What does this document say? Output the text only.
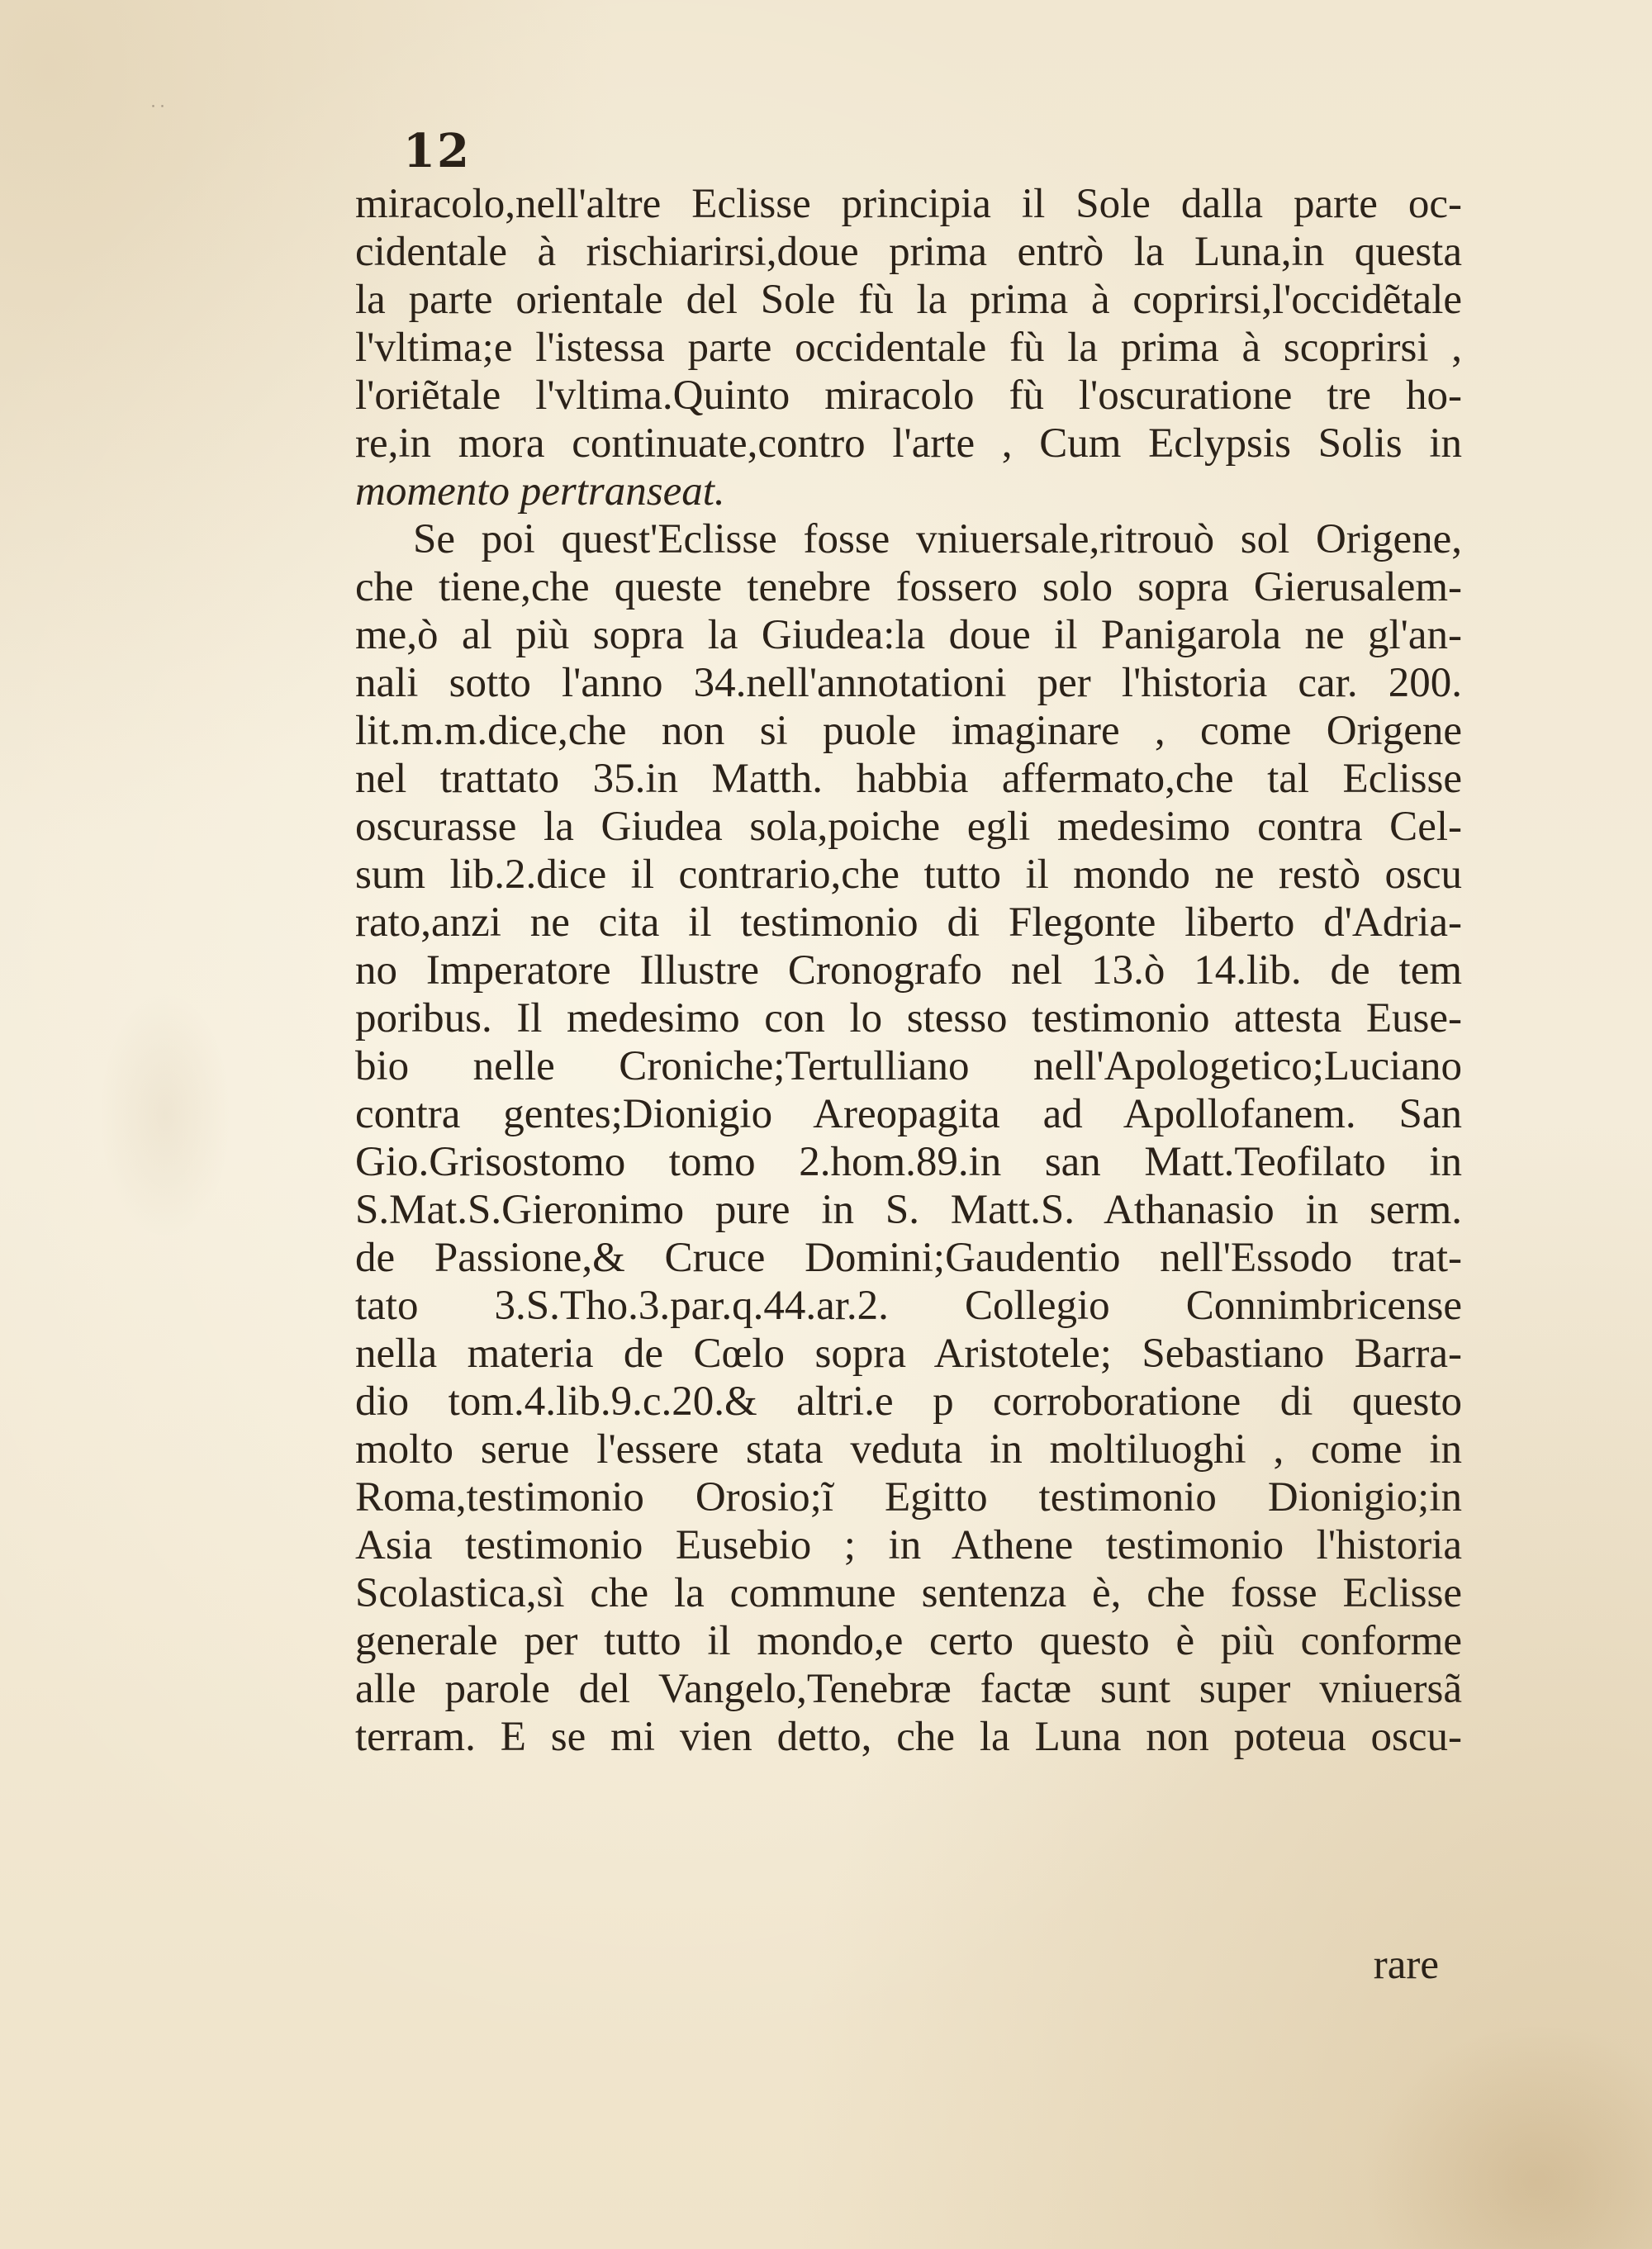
˙˙
12
miracolo,nell'altre Eclisse principia il Sole dalla parte oc-
cidentale à rischiarirsi,doue prima entrò la Luna,in questa
la parte orientale del Sole fù la prima à coprirsi,l'occidẽtale
l'vltima;e l'istessa parte occidentale fù la prima à scoprirsi ,
l'oriẽtale l'vltima.Quinto miracolo fù l'oscuratione tre ho-
re,in mora continuate,contro l'arte , Cum Eclypsis Solis in
momento pertranseat.
Se poi quest'Eclisse fosse vniuersale,ritrouò sol Origene,
che tiene,che queste tenebre fossero solo sopra Gierusalem-
me,ò al più sopra la Giudea:la doue il Panigarola ne gl'an-
nali sotto l'anno 34.nell'annotationi per l'historia car. 200.
lit.m.m.dice,che non si puole imaginare , come Origene
nel trattato 35.in Matth. habbia affermato,che tal Eclisse
oscurasse la Giudea sola,poiche egli medesimo contra Cel-
sum lib.2.dice il contrario,che tutto il mondo ne restò oscu
rato,anzi ne cita il testimonio di Flegonte liberto d'Adria-
no Imperatore Illustre Cronografo nel 13.ò 14.lib. de tem
poribus. Il medesimo con lo stesso testimonio attesta Euse-
bio nelle Croniche;Tertulliano nell'Apologetico;Luciano
contra gentes;Dionigio Areopagita ad Apollofanem. San
Gio.Grisostomo tomo 2.hom.89.in san Matt.Teofilato in
S.Mat.S.Gieronimo pure in S. Matt.S. Athanasio in serm.
de Passione,& Cruce Domini;Gaudentio nell'Essodo trat-
tato 3.S.Tho.3.par.q.44.ar.2. Collegio Connimbricense
nella materia de Cœlo sopra Aristotele; Sebastiano Barra-
dio tom.4.lib.9.c.20.& altri.e p corroboratione di questo
molto serue l'essere stata veduta in moltiluoghi , come in
Roma,testimonio Orosio;ĩ Egitto testimonio Dionigio;in
Asia testimonio Eusebio ; in Athene testimonio l'historia
Scolastica,sì che la commune sentenza è, che fosse Eclisse
generale per tutto il mondo,e certo questo è più conforme
alle parole del Vangelo,Tenebræ factæ sunt super vniuersã
terram. E se mi vien detto, che la Luna non poteua oscu-
rare
